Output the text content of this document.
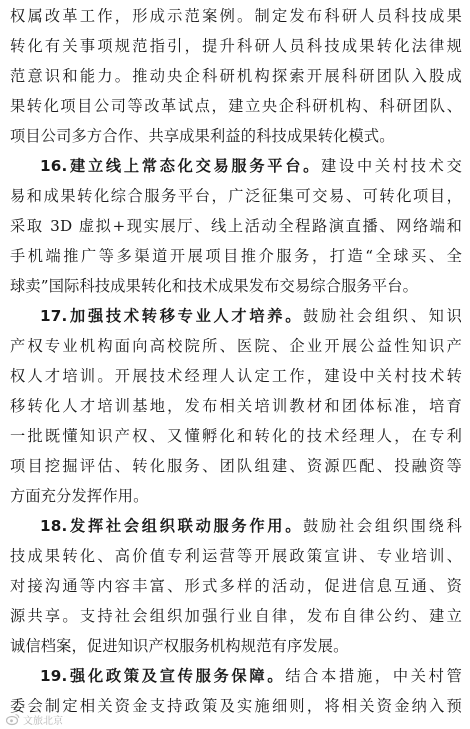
权属改革工作，形成示范案例。制定发布科研人员科技成果
转化有关事项规范指引，提升科研人员科技成果转化法律规
范意识和能力。推动央企科研机构探索开展科研团队入股成
果转化项目公司等改革试点，建立央企科研机构、科研团队、
项目公司多方合作、共享成果利益的科技成果转化模式。
16.建立线上常态化交易服务平台。建设中关村技术交
易和成果转化综合服务平台，广泛征集可交易、可转化项目，
采取 3D 虚拟+现实展厅、线上活动全程路演直播、网络端和
手机端推广等多渠道开展项目推介服务，打造“全球买、全
球卖”国际科技成果转化和技术成果发布交易综合服务平台。
17.加强技术转移专业人才培养。鼓励社会组织、知识
产权专业机构面向高校院所、医院、企业开展公益性知识产
权人才培训。开展技术经理人认定工作，建设中关村技术转
移转化人才培训基地，发布相关培训教材和团体标准，培育
一批既懂知识产权、又懂孵化和转化的技术经理人，在专利
项目挖掘评估、转化服务、团队组建、资源匹配、投融资等
方面充分发挥作用。
18.发挥社会组织联动服务作用。鼓励社会组织围绕科
技成果转化、高价值专利运营等开展政策宣讲、专业培训、
对接沟通等内容丰富、形式多样的活动，促进信息互通、资
源共享。支持社会组织加强行业自律，发布自律公约、建立
诚信档案，促进知识产权服务机构规范有序发展。
19.强化政策及宣传服务保障。结合本措施，中关村管
委会制定相关资金支持政策及实施细则，将相关资金纳入预
文旅北京
